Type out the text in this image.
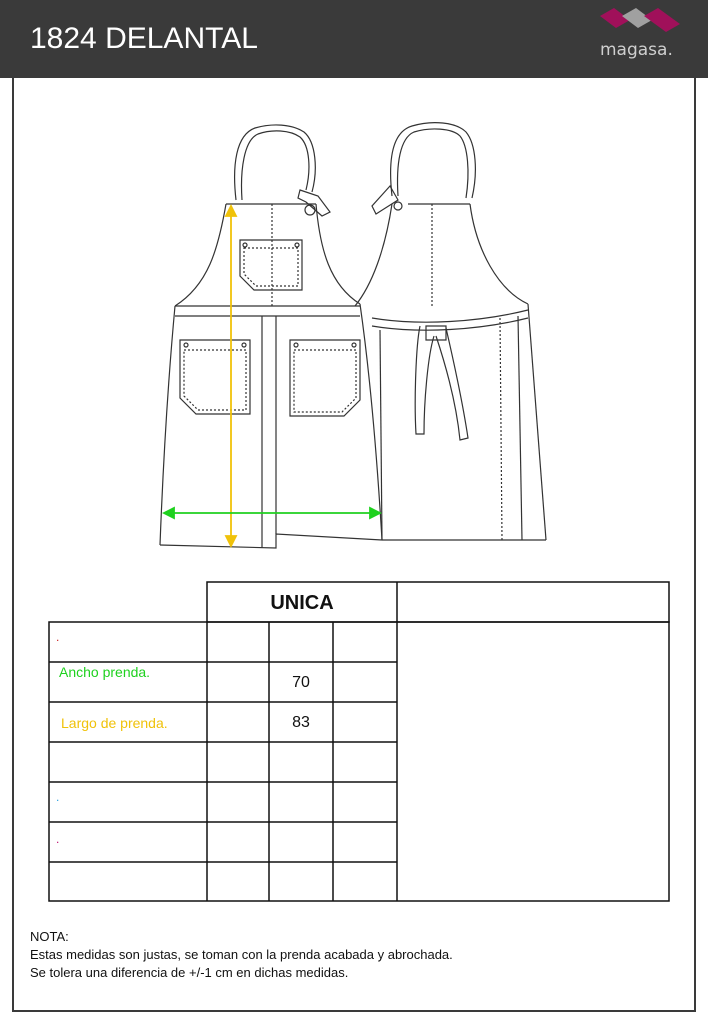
1824 DELANTAL	magasa.
UNICA
.
Ancho prenda.
70
Largo de prenda.	83
.
.
NOTA:
Estas medidas son justas, se toman con la prenda acabada y abrochada.
Se tolera una diferencia de +/-1 cm en dichas medidas.
